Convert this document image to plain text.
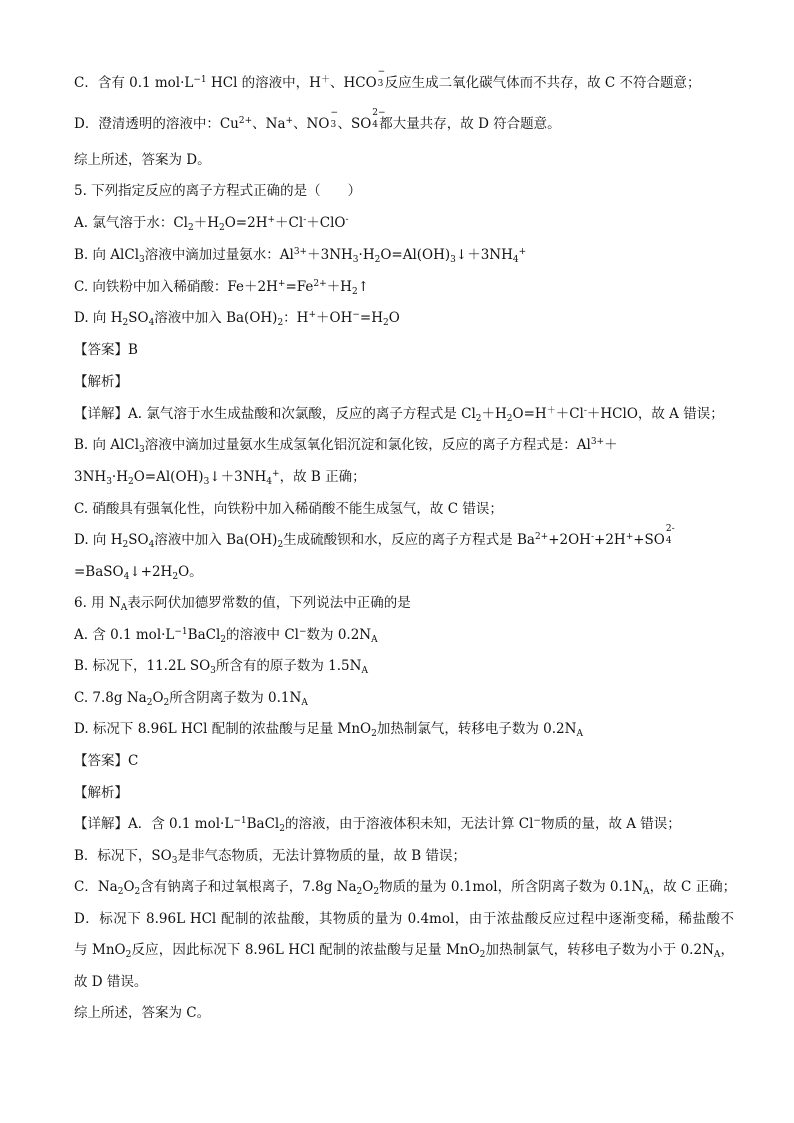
C．含有 0.1 $mol\cdot L^{-1}$ HCl 的溶液中，H＋、HCO
−
3 反应生成二氧化碳气体而不共存，故 C 不符合题意；
D．澄清透明的溶液中：$Cu^{2+}$、Na+、NO
−
3 、SO
2−
4 都大量共存，故 D 符合题意。
综上所述，答案为 D。
5. 下列指定反应的离子方程式正确的是（　　）
A. 氯气溶于水：$Cl_2+H_2O=2H^++Cl^-+ClO^-$
B. 向 AlCl$_3$溶液中滴加过量氨水：$Al^{3+}+3NH_3\cdot H_2O=Al(OH)_3↓+3NH_4^+$
C. 向铁粉中加入稀硝酸：$Fe+2H^+=Fe^{2+}+H_2↑$
D. 向 $H_2SO_4$溶液中加入 $Ba(OH)_2$：$H^++OH^-=H_2O$
【答案】B
【解析】
【详解】A. 氯气溶于水生成盐酸和次氯酸，反应的离子方程式是 $Cl_2+H_2O=H^++Cl^-+HClO$，故 A 错误；
B. 向 AlCl$_3$溶液中滴加过量氨水生成氢氧化铝沉淀和氯化铵，反应的离子方程式是：$Al^{3+}+$
$3NH_3\cdot H_2O=Al(OH)_3↓+3NH_4^+$，故 B 正确；
C. 硝酸具有强氧化性，向铁粉中加入稀硝酸不能生成氢气，故 C 错误；
D. 向 $H_2SO_4$溶液中加入 $Ba(OH)_2$生成硫酸钡和水，反应的离子方程式是 $Ba^{2+}+2OH^-+2H^++SO$
2-
4
$=BaSO_4↓+2H_2O$。
6. 用 $N_A$表示阿伏加德罗常数的值，下列说法中正确的是
A. 含 0.1 $mol\cdot L^{-1}BaCl_2$的溶液中 Cl−数为 $0.2N_A$
B. 标况下，11.2L $SO_3$所含有的原子数为 $1.5N_A$
C. 7.8g $Na_2O_2$所含阴离子数为 $0.1N_A$
D. 标况下 8.96L HCl 配制的浓盐酸与足量 MnO$_2$加热制氯气，转移电子数为 $0.2N_A$
【答案】C
【解析】
【详解】A．含 0.1 $mol\cdot L^{-1}BaCl_2$的溶液，由于溶液体积未知，无法计算 Cl−物质的量，故 A 错误；
B．标况下，$SO_3$是非气态物质，无法计算物质的量，故 B 错误；
C．$Na_2O_2$含有钠离子和过氧根离子，7.8g $Na_2O_2$物质的量为 0.1mol，所含阴离子数为 $0.1N_A$，故 C 正确；
D．标况下 8.96L HCl 配制的浓盐酸，其物质的量为 0.4mol，由于浓盐酸反应过程中逐渐变稀，稀盐酸不
与 MnO$_2$反应，因此标况下 8.96L HCl 配制的浓盐酸与足量 MnO$_2$加热制氯气，转移电子数为小于 $0.2N_A$，
故 D 错误。
综上所述，答案为 C。
